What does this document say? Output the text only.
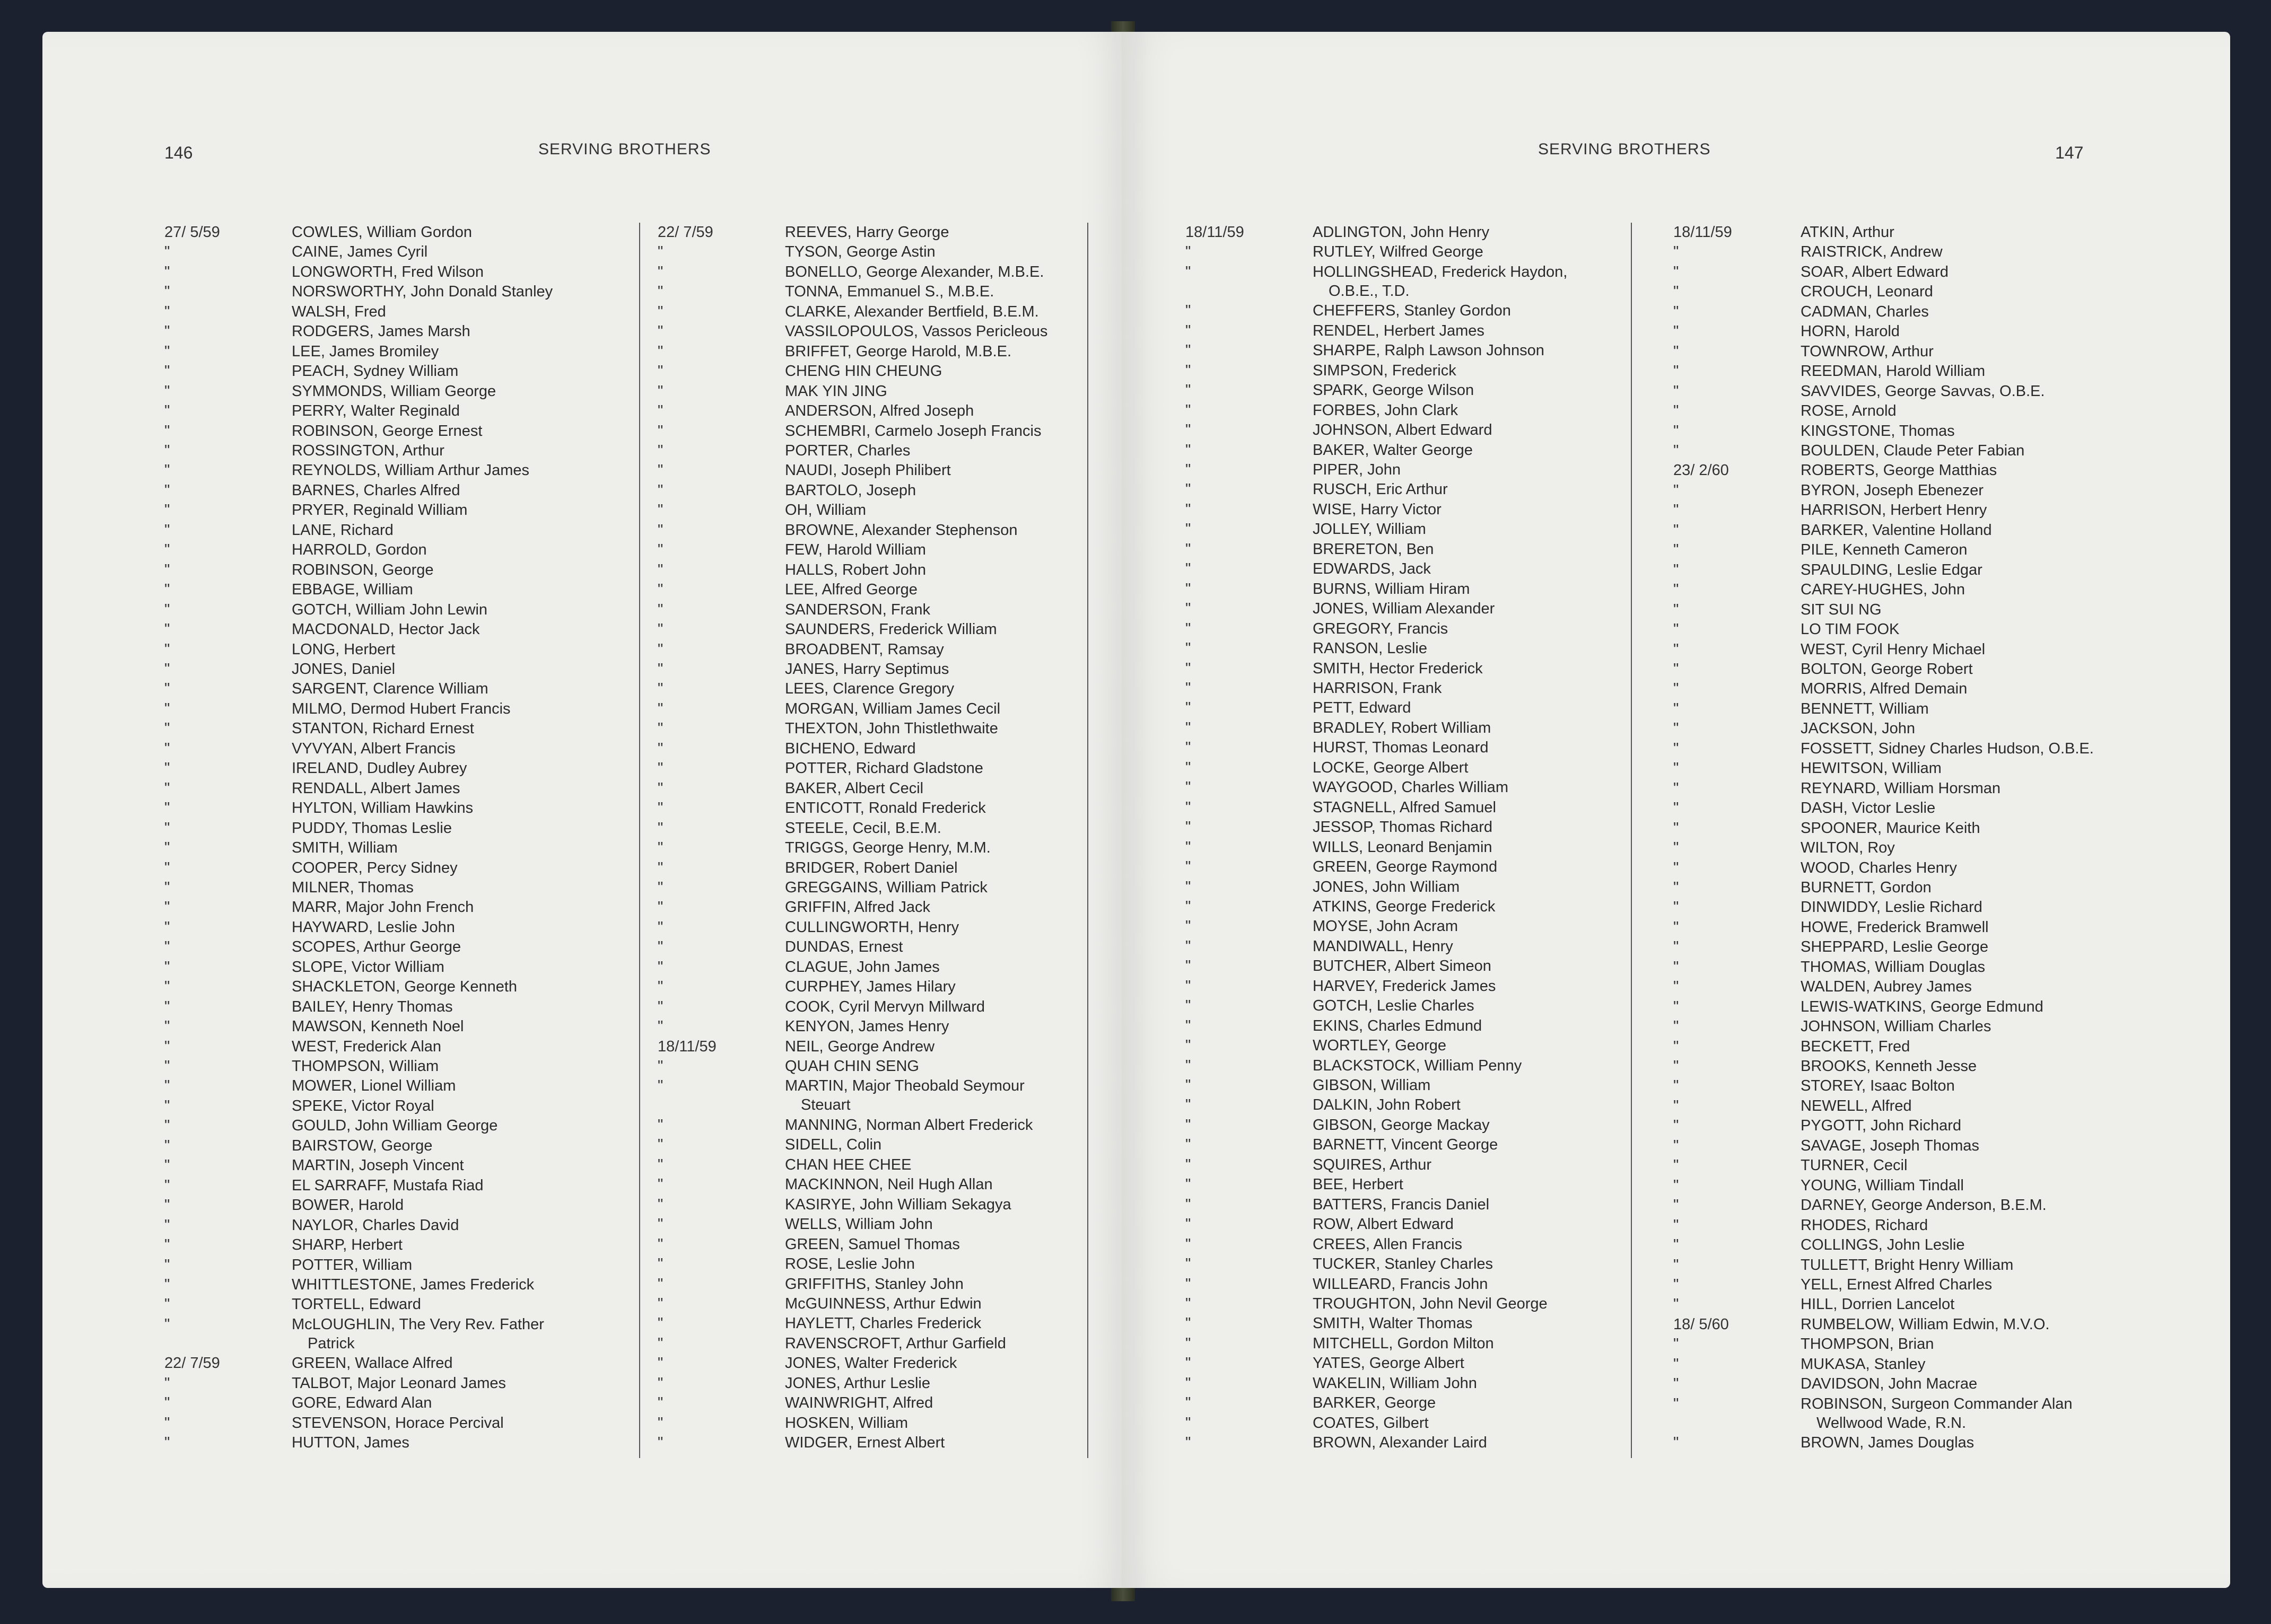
146	SERVING BROTHERS
27/ 5/59	COWLES, William Gordon
"	CAINE, James Cyril
"	LONGWORTH, Fred Wilson
"	NORSWORTHY, John Donald Stanley
"	WALSH, Fred
"	RODGERS, James Marsh
"	LEE, James Bromiley
"	PEACH, Sydney William
"	SYMMONDS, William George
"	PERRY, Walter Reginald
"	ROBINSON, George Ernest
"	ROSSINGTON, Arthur
"	REYNOLDS, William Arthur James
"	BARNES, Charles Alfred
"	PRYER, Reginald William
"	LANE, Richard
"	HARROLD, Gordon
"	ROBINSON, George
"	EBBAGE, William
"	GOTCH, William John Lewin
"	MACDONALD, Hector Jack
"	LONG, Herbert
"	JONES, Daniel
"	SARGENT, Clarence William
"	MILMO, Dermod Hubert Francis
"	STANTON, Richard Ernest
"	VYVYAN, Albert Francis
"	IRELAND, Dudley Aubrey
"	RENDALL, Albert James
"	HYLTON, William Hawkins
"	PUDDY, Thomas Leslie
"	SMITH, William
"	COOPER, Percy Sidney
"	MILNER, Thomas
"	MARR, Major John French
"	HAYWARD, Leslie John
"	SCOPES, Arthur George
"	SLOPE, Victor William
"	SHACKLETON, George Kenneth
"	BAILEY, Henry Thomas
"	MAWSON, Kenneth Noel
"	WEST, Frederick Alan
"	THOMPSON, William
"	MOWER, Lionel William
"	SPEKE, Victor Royal
"	GOULD, John William George
"	BAIRSTOW, George
"	MARTIN, Joseph Vincent
"	EL SARRAFF, Mustafa Riad
"	BOWER, Harold
"	NAYLOR, Charles David
"	SHARP, Herbert
"	POTTER, William
"	WHITTLESTONE, James Frederick
"	TORTELL, Edward
"	McLOUGHLIN, The Very Rev. Father
Patrick
22/ 7/59	GREEN, Wallace Alfred
"	TALBOT, Major Leonard James
"	GORE, Edward Alan
"	STEVENSON, Horace Percival
"	HUTTON, James
22/ 7/59	REEVES, Harry George
"	TYSON, George Astin
"	BONELLO, George Alexander, M.B.E.
"	TONNA, Emmanuel S., M.B.E.
"	CLARKE, Alexander Bertfield, B.E.M.
"	VASSILOPOULOS, Vassos Pericleous
"	BRIFFET, George Harold, M.B.E.
"	CHENG HIN CHEUNG
"	MAK YIN JING
"	ANDERSON, Alfred Joseph
"	SCHEMBRI, Carmelo Joseph Francis
"	PORTER, Charles
"	NAUDI, Joseph Philibert
"	BARTOLO, Joseph
"	OH, William
"	BROWNE, Alexander Stephenson
"	FEW, Harold William
"	HALLS, Robert John
"	LEE, Alfred George
"	SANDERSON, Frank
"	SAUNDERS, Frederick William
"	BROADBENT, Ramsay
"	JANES, Harry Septimus
"	LEES, Clarence Gregory
"	MORGAN, William James Cecil
"	THEXTON, John Thistlethwaite
"	BICHENO, Edward
"	POTTER, Richard Gladstone
"	BAKER, Albert Cecil
"	ENTICOTT, Ronald Frederick
"	STEELE, Cecil, B.E.M.
"	TRIGGS, George Henry, M.M.
"	BRIDGER, Robert Daniel
"	GREGGAINS, William Patrick
"	GRIFFIN, Alfred Jack
"	CULLINGWORTH, Henry
"	DUNDAS, Ernest
"	CLAGUE, John James
"	CURPHEY, James Hilary
"	COOK, Cyril Mervyn Millward
"	KENYON, James Henry
18/11/59	NEIL, George Andrew
"	QUAH CHIN SENG
"	MARTIN, Major Theobald Seymour
Steuart
"	MANNING, Norman Albert Frederick
"	SIDELL, Colin
"	CHAN HEE CHEE
"	MACKINNON, Neil Hugh Allan
"	KASIRYE, John William Sekagya
"	WELLS, William John
"	GREEN, Samuel Thomas
"	ROSE, Leslie John
"	GRIFFITHS, Stanley John
"	McGUINNESS, Arthur Edwin
"	HAYLETT, Charles Frederick
"	RAVENSCROFT, Arthur Garfield
"	JONES, Walter Frederick
"	JONES, Arthur Leslie
"	WAINWRIGHT, Alfred
"	HOSKEN, William
"	WIDGER, Ernest Albert
SERVING BROTHERS	147
18/11/59	ADLINGTON, John Henry
"	RUTLEY, Wilfred George
"	HOLLINGSHEAD, Frederick Haydon,
O.B.E., T.D.
"	CHEFFERS, Stanley Gordon
"	RENDEL, Herbert James
"	SHARPE, Ralph Lawson Johnson
"	SIMPSON, Frederick
"	SPARK, George Wilson
"	FORBES, John Clark
"	JOHNSON, Albert Edward
"	BAKER, Walter George
"	PIPER, John
"	RUSCH, Eric Arthur
"	WISE, Harry Victor
"	JOLLEY, William
"	BRERETON, Ben
"	EDWARDS, Jack
"	BURNS, William Hiram
"	JONES, William Alexander
"	GREGORY, Francis
"	RANSON, Leslie
"	SMITH, Hector Frederick
"	HARRISON, Frank
"	PETT, Edward
"	BRADLEY, Robert William
"	HURST, Thomas Leonard
"	LOCKE, George Albert
"	WAYGOOD, Charles William
"	STAGNELL, Alfred Samuel
"	JESSOP, Thomas Richard
"	WILLS, Leonard Benjamin
"	GREEN, George Raymond
"	JONES, John William
"	ATKINS, George Frederick
"	MOYSE, John Acram
"	MANDIWALL, Henry
"	BUTCHER, Albert Simeon
"	HARVEY, Frederick James
"	GOTCH, Leslie Charles
"	EKINS, Charles Edmund
"	WORTLEY, George
"	BLACKSTOCK, William Penny
"	GIBSON, William
"	DALKIN, John Robert
"	GIBSON, George Mackay
"	BARNETT, Vincent George
"	SQUIRES, Arthur
"	BEE, Herbert
"	BATTERS, Francis Daniel
"	ROW, Albert Edward
"	CREES, Allen Francis
"	TUCKER, Stanley Charles
"	WILLEARD, Francis John
"	TROUGHTON, John Nevil George
"	SMITH, Walter Thomas
"	MITCHELL, Gordon Milton
"	YATES, George Albert
"	WAKELIN, William John
"	BARKER, George
"	COATES, Gilbert
"	BROWN, Alexander Laird
18/11/59	ATKIN, Arthur
"	RAISTRICK, Andrew
"	SOAR, Albert Edward
"	CROUCH, Leonard
"	CADMAN, Charles
"	HORN, Harold
"	TOWNROW, Arthur
"	REEDMAN, Harold William
"	SAVVIDES, George Savvas, O.B.E.
"	ROSE, Arnold
"	KINGSTONE, Thomas
"	BOULDEN, Claude Peter Fabian
23/ 2/60	ROBERTS, George Matthias
"	BYRON, Joseph Ebenezer
"	HARRISON, Herbert Henry
"	BARKER, Valentine Holland
"	PILE, Kenneth Cameron
"	SPAULDING, Leslie Edgar
"	CAREY-HUGHES, John
"	SIT SUI NG
"	LO TIM FOOK
"	WEST, Cyril Henry Michael
"	BOLTON, George Robert
"	MORRIS, Alfred Demain
"	BENNETT, William
"	JACKSON, John
"	FOSSETT, Sidney Charles Hudson, O.B.E.
"	HEWITSON, William
"	REYNARD, William Horsman
"	DASH, Victor Leslie
"	SPOONER, Maurice Keith
"	WILTON, Roy
"	WOOD, Charles Henry
"	BURNETT, Gordon
"	DINWIDDY, Leslie Richard
"	HOWE, Frederick Bramwell
"	SHEPPARD, Leslie George
"	THOMAS, William Douglas
"	WALDEN, Aubrey James
"	LEWIS-WATKINS, George Edmund
"	JOHNSON, William Charles
"	BECKETT, Fred
"	BROOKS, Kenneth Jesse
"	STOREY, Isaac Bolton
"	NEWELL, Alfred
"	PYGOTT, John Richard
"	SAVAGE, Joseph Thomas
"	TURNER, Cecil
"	YOUNG, William Tindall
"	DARNEY, George Anderson, B.E.M.
"	RHODES, Richard
"	COLLINGS, John Leslie
"	TULLETT, Bright Henry William
"	YELL, Ernest Alfred Charles
"	HILL, Dorrien Lancelot
18/ 5/60	RUMBELOW, William Edwin, M.V.O.
"	THOMPSON, Brian
"	MUKASA, Stanley
"	DAVIDSON, John Macrae
"	ROBINSON, Surgeon Commander Alan
Wellwood Wade, R.N.
"	BROWN, James Douglas
